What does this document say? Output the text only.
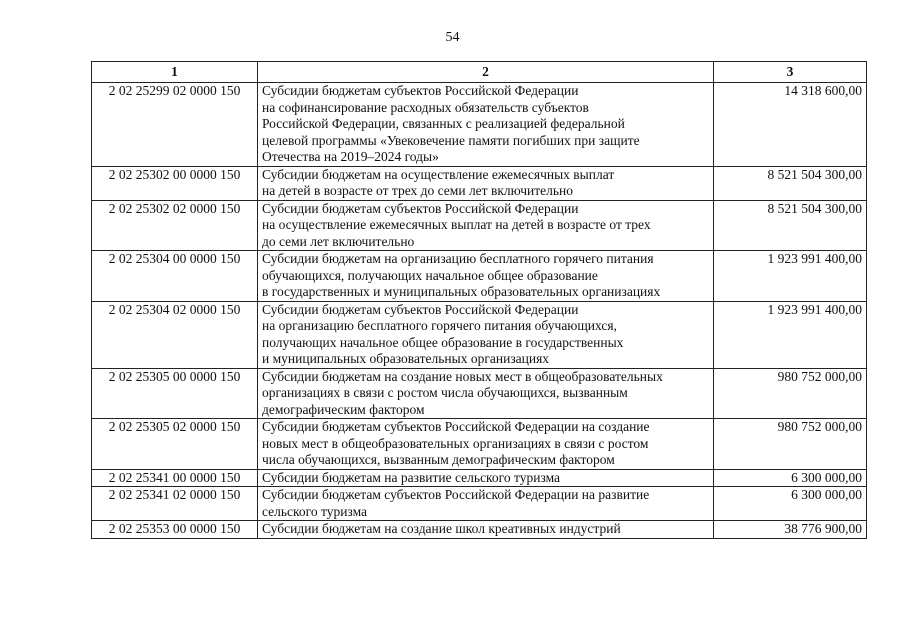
54
1	2	3
2 02 25299 02 0000 150	Субсидии бюджетам субъектов Российской Федерации
на софинансирование расходных обязательств субъектов
Российской Федерации, связанных с реализацией федеральной
целевой программы «Увековечение памяти погибших при защите
Отечества на 2019–2024 годы»	14 318 600,00
2 02 25302 00 0000 150	Субсидии бюджетам на осуществление ежемесячных выплат
на детей в возрасте от трех до семи лет включительно	8 521 504 300,00
2 02 25302 02 0000 150	Субсидии бюджетам субъектов Российской Федерации
на осуществление ежемесячных выплат на детей в возрасте от трех
до семи лет включительно	8 521 504 300,00
2 02 25304 00 0000 150	Субсидии бюджетам на организацию бесплатного горячего питания
обучающихся, получающих начальное общее образование
в государственных и муниципальных образовательных организациях	1 923 991 400,00
2 02 25304 02 0000 150	Субсидии бюджетам субъектов Российской Федерации
на организацию бесплатного горячего питания обучающихся,
получающих начальное общее образование в государственных
и муниципальных образовательных организациях	1 923 991 400,00
2 02 25305 00 0000 150	Субсидии бюджетам на создание новых мест в общеобразовательных
организациях в связи с ростом числа обучающихся, вызванным
демографическим фактором	980 752 000,00
2 02 25305 02 0000 150	Субсидии бюджетам субъектов Российской Федерации на создание
новых мест в общеобразовательных организациях в связи с ростом
числа обучающихся, вызванным демографическим фактором	980 752 000,00
2 02 25341 00 0000 150	Субсидии бюджетам на развитие сельского туризма	6 300 000,00
2 02 25341 02 0000 150	Субсидии бюджетам субъектов Российской Федерации на развитие
сельского туризма	6 300 000,00
2 02 25353 00 0000 150	Субсидии бюджетам на создание школ креативных индустрий	38 776 900,00
